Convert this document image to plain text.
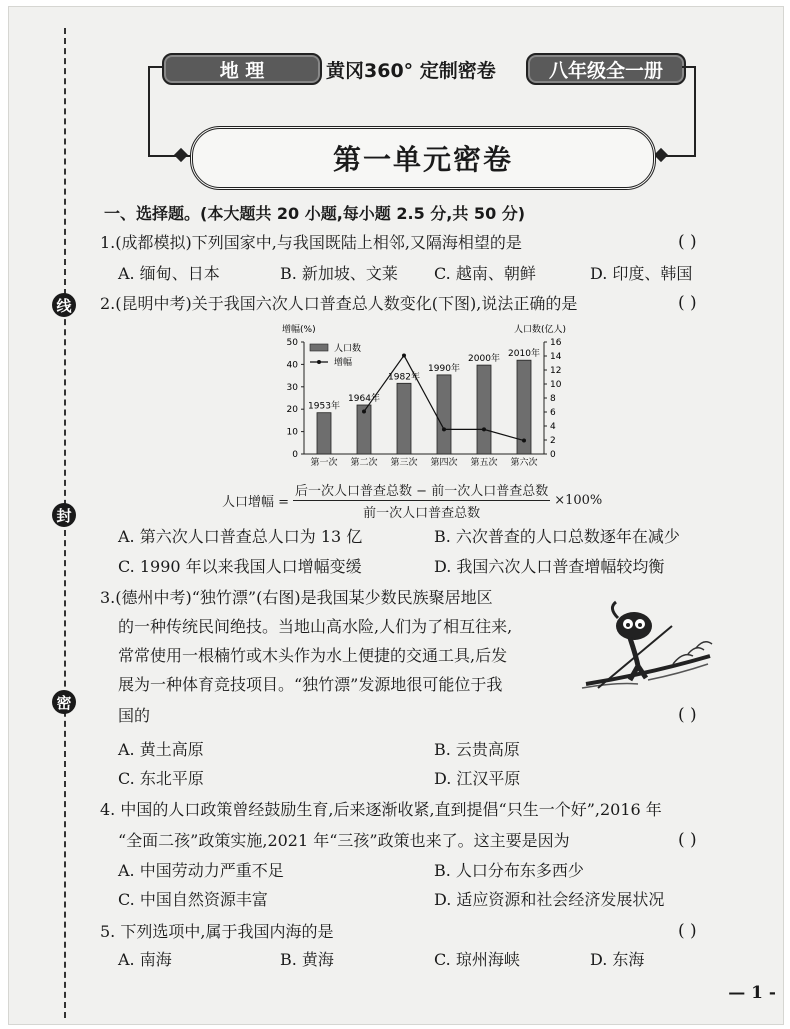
线
封
密
地 理	黄冈360° 定制密卷	八年级全一册
第一单元密卷
一、选择题。(本大题共 20 小题,每小题 2.5 分,共 50 分)
1.(成都模拟)下列国家中,与我国既陆上相邻,又隔海相望的是	( )
A. 缅甸、日本	B. 新加坡、文莱 C. 越南、朝鲜	D. 印度、韩国
2.(昆明中考)关于我国六次人口普查总人数变化(下图),说法正确的是	( )
增幅(%)	人口数(亿人)
0
10
20
30
40
50
0
2
4
6
8
10
12
14
16
1953年
第一次
1964年
第二次
1982年
第三次
1990年
第四次
2000年
第五次
2010年
第六次
人口数
增幅
人口增幅 = $\frac{\text{后一次人口普查总数 − 前一次人口普查总数}}{\text{前一次人口普查总数}} \times 100\%$
A. 第六次人口普查总人口为 13 亿	B. 六次普查的人口总数逐年在减少
C. 1990 年以来我国人口增幅变缓	D. 我国六次人口普查增幅较均衡
3.(德州中考)“独竹漂”(右图)是我国某少数民族聚居地区
的一种传统民间绝技。当地山高水险,人们为了相互往来,
常常使用一根楠竹或木头作为水上便捷的交通工具,后发
展为一种体育竞技项目。“独竹漂”发源地很可能位于我
国的	( )
A. 黄土高原	B. 云贵高原
C. 东北平原	D. 江汉平原
4. 中国的人口政策曾经鼓励生育,后来逐渐收紧,直到提倡“只生一个好”,2016 年
“全面二孩”政策实施,2021 年“三孩”政策也来了。这主要是因为	( )
A. 中国劳动力严重不足	B. 人口分布东多西少
C. 中国自然资源丰富	D. 适应资源和社会经济发展状况
5. 下列选项中,属于我国内海的是	( )
A. 南海	B. 黄海	C. 琼州海峡	D. 东海
— 1 -
